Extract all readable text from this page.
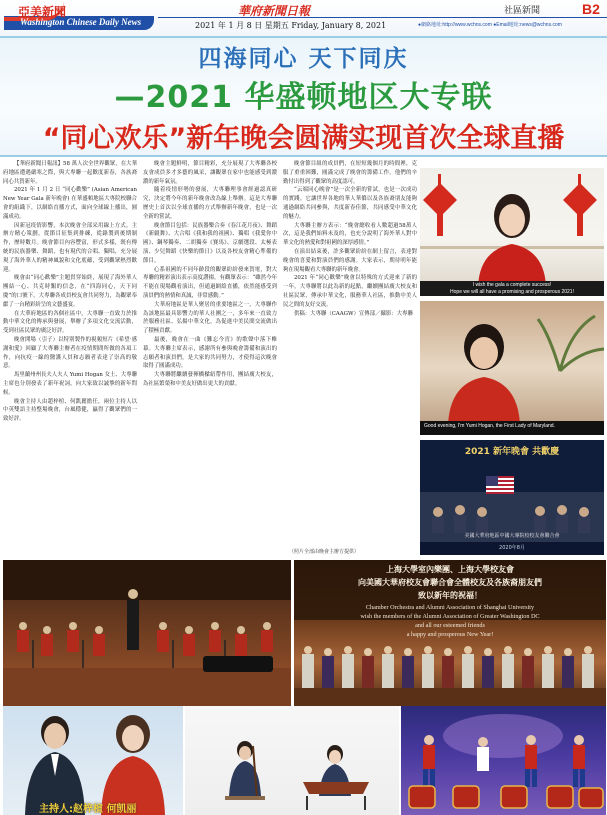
亞美新聞
Washington Chinese Daily News
華府新聞日報	社區新聞	B2
2021 年 1 月 8 日 星期五 Friday, January 8, 2021	●網絡地址:http://www.wchns.com ●Email地址:news@wchns.com
四海同心 天下同庆
—2021 华盛顿地区大专联
“同心欢乐”新年晚会圆满实现首次全球直播

【華府新聞日報訊】58 萬人次全世界觀眾，在大華府地區遭遇嚴寒之際，與大專聯一起歡度新春，各族裔同心共賀新年。

2021 年 1 月 2 日 “同心歡樂” (Asian American New Year Gala 新年晚會) 在華盛頓地區大專院校聯合會的組織下，以網絡直播方式，面向全球線上播出，圓滿成功。

因新冠疫情影響，本次晚會全部采用線上方式。主辦方精心策劃，從節目征集到排練，從錄製到後期制作，歷時數月。晚會節目內容豐富，形式多樣，既有傳統的民族器樂、舞蹈，也有現代的合唱、獨唱，充分展現了海外華人的精神風貌和文化底蘊，受到觀眾熱烈歡迎。

晚會由“同心歡樂”主題貫穿始終，展現了海外華人團結一心、共克時艱的信念，在“四海同心，天下同慶”的口號下，大專聯各成員校友會共同努力，為觀眾奉獻了一台精彩紛呈的文藝盛宴。

在大華府地區的各個社區中，大專聯一直致力於推動中華文化的傳承與發展，舉辦了多項文化交流活動，受到社區民眾的廣泛好評。

晚會開場（引子）以特別製作的視頻短片《希望·感謝和愛》回顧了大專聯主辦者在疫情期間所做的各項工作，向抗疫一線的醫護人員和志願者表達了崇高的敬意。

馬里蘭州州長夫人夫人 Yumi Hogan 女士、大專聯主席也分別發表了新年祝詞，向大家致以誠摯的新年問候。

晚會主持人由趙梓楦、何凱麗擔任，兩位主持人以中英雙語主持整場晚會，台風穩健，贏得了觀眾們的一致好評。

晚會主題鮮明，節目精彩，充分展現了大專聯各校友會成員多才多藝的風采，讓觀眾在家中也能感受到濃濃的新年氣氛。

隨着疫情形勢的發展，大專聯理事會經過認真研究，決定將今年的新年晚會改為線上舉辦。這是大專聯歷史上首次以全球直播的方式舉辦新年晚會，也是一次全新的嘗試。

晚會節目包括：民族器樂合奏《春江花月夜》、舞蹈《新疆舞》、大合唱《我和我的祖國》、獨唱《我愛你中國》、鋼琴獨奏、二胡獨奏《賽馬》、京劇選段、太極表演、少兒舞蹈《快樂的節日》以及各校友會精心準備的節目。

心系祖國的不同年齡段的觀眾紛紛發來賀電，對大專聯的精彩演出表示高度讚揚。有觀眾表示：“雖然今年不能在現場觀看演出，但通過網絡直播，依然能感受到演員們的熱情和真誠，非常感動。”

大華府地區是華人聚居的重要地區之一，大專聯作為該地區最具影響力的華人社團之一，多年來一直致力於服務社區、弘揚中華文化，為促進中美民間交流做出了積極貢獻。

最後，晚會在一曲《難忘今宵》的歌聲中落下帷幕。大專聯主席表示，感謝所有參與晚會籌備和演出的志願者和演員們，是大家的共同努力，才使得這次晚會取得了圓滿成功。

大專聯將繼續發揮橋樑紐帶作用，團結廣大校友，為社區繁榮和中美友好做出更大的貢獻。

晚會節目組的成員們，在短短幾個月的時間裡，克服了重重困難，圓滿完成了晚會的籌備工作。他們的辛勤付出得到了觀眾的高度認可。

“云端同心晚會”是一次全新的嘗試，也是一次成功的實踐。它讓世界各地的華人華僑以及各族裔朋友能夠通過網絡共同參與，共度新春佳節，共同感受中華文化的魅力。

大專聯主辦方表示：“晚會總收看人數超過58萬人次，這是我們始料未及的，也充分說明了海外華人對中華文化的熱愛和對祖國的深厚感情。”

在演出結束後，許多觀眾紛紛在網上留言，表達對晚會的喜愛和對演員們的感謝。大家表示，期待明年能夠在現場觀看大專聯的新年晚會。

2021 年“同心歡樂”晚會以特殊的方式迎來了新的一年，大專聯將以此為新的起點，繼續團結廣大校友和社區民眾，傳承中華文化，服務華人社區，推動中美人民之間的友好交流。

供稿：大專聯（CAAGW）宣傳部／攝影：大專聯

（照片全部由晚會主辦方提供）
I wish the gala a complete success!
Hope we will all have a promising and prosperous 2021!
Good evening, I'm Yumi Hogan, the First Lady of Maryland.
2021 新年晚會 共歡慶
美國大華府地區中國大專院校校友會聯合會
2020年8月
上海大學室內樂團、上海大學校友會
向美國大華府校友會聯合會全體校友及各族裔朋友們
致以新年的祝福！
Chamber Orchestra and Alumni Association of Shanghai University
wish the members of the Alumni Association of Greater Washington DC
and all our esteemed friends
a happy and prosperous New Year!
主持人:赵梓楦 何凯丽
